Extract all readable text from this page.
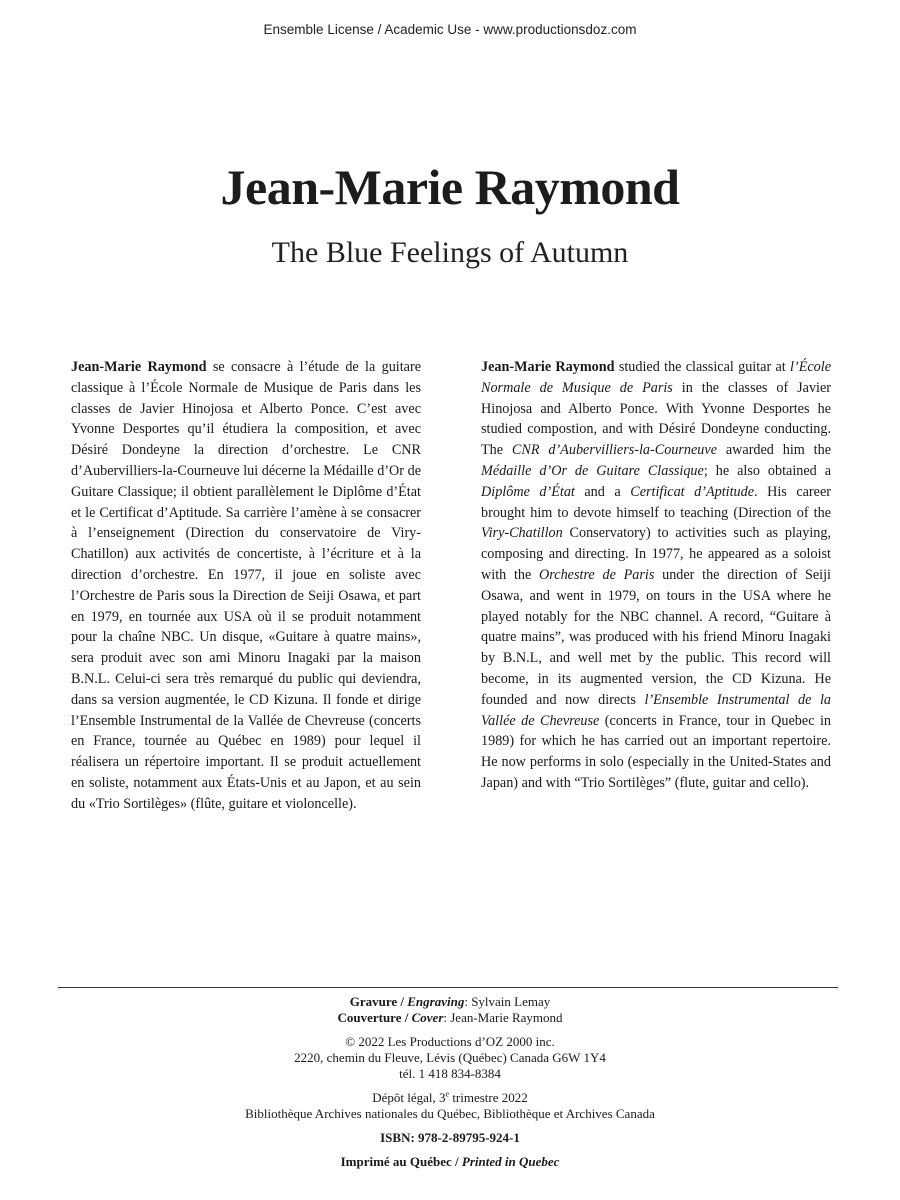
Ensemble License / Academic Use - www.productionsdoz.com
Jean-Marie Raymond
The Blue Feelings of Autumn

Jean-Marie Raymond se consacre à l’étude de la guitare classique à l’École Normale de Musique de Paris dans les classes de Javier Hinojosa et Alberto Ponce. C’est avec Yvonne Desportes qu’il étudiera la composition, et avec Désiré Dondeyne la direction d’orchestre. Le CNR d’Aubervilliers-la-Courneuve lui décerne la Médaille d’Or de Guitare Classique; il obtient parallèlement le Diplôme d’État et le Certificat d’Aptitude. Sa carrière l’amène à se consacrer à l’enseignement (Direction du conservatoire de Viry-Chatillon) aux activités de concertiste, à l’écriture et à la direction d’orchestre. En 1977, il joue en soliste avec l’Orchestre de Paris sous la Direction de Seiji Osawa, et part en 1979, en tournée aux USA où il se produit notamment pour la chaîne NBC. Un disque, «Guitare à quatre mains», sera produit avec son ami Minoru Inagaki par la maison B.N.L. Celui-ci sera très remarqué du public qui deviendra, dans sa version augmentée, le CD Kizuna. Il fonde et dirige l’Ensemble Instrumental de la Vallée de Chevreuse (concerts en France, tournée au Québec en 1989) pour lequel il réalisera un répertoire important. Il se produit actuellement en soliste, notamment aux États-Unis et au Japon, et au sein du «Trio Sortilèges» (flûte, guitare et violoncelle).

Jean-Marie Raymond studied the classical guitar at l’École Normale de Musique de Paris in the classes of Javier Hinojosa and Alberto Ponce. With Yvonne Desportes he studied compostion, and with Désiré Dondeyne conducting. The CNR d’Aubervilliers-la-Courneuve awarded him the Médaille d’Or de Guitare Classique; he also obtained a Diplôme d’État and a Certificat d’Aptitude. His career brought him to devote himself to teaching (Direction of the Viry-Chatillon Conservatory) to activities such as playing, composing and directing. In 1977, he appeared as a soloist with the Orchestre de Paris under the direction of Seiji Osawa, and went in 1979, on tours in the USA where he played notably for the NBC channel. A record, “Guitare à quatre mains”, was produced with his friend Minoru Inagaki by B.N.L, and well met by the public. This record will become, in its augmented version, the CD Kizuna. He founded and now directs l’Ensemble Instrumental de la Vallée de Chevreuse (concerts in France, tour in Quebec in 1989) for which he has carried out an important repertoire. He now performs in solo (especially in the United-States and Japan) and with “Trio Sortilèges” (flute, guitar and cello).

Gravure / Engraving: Sylvain Lemay
Couverture / Cover: Jean-Marie Raymond
© 2022 Les Productions d’OZ 2000 inc.
2220, chemin du Fleuve, Lévis (Québec) Canada G6W 1Y4
tél. 1 418 834-8384
Dépôt légal, 3e trimestre 2022
Bibliothèque Archives nationales du Québec, Bibliothèque et Archives Canada
ISBN: 978-2-89795-924-1
Imprimé au Québec / Printed in Quebec
